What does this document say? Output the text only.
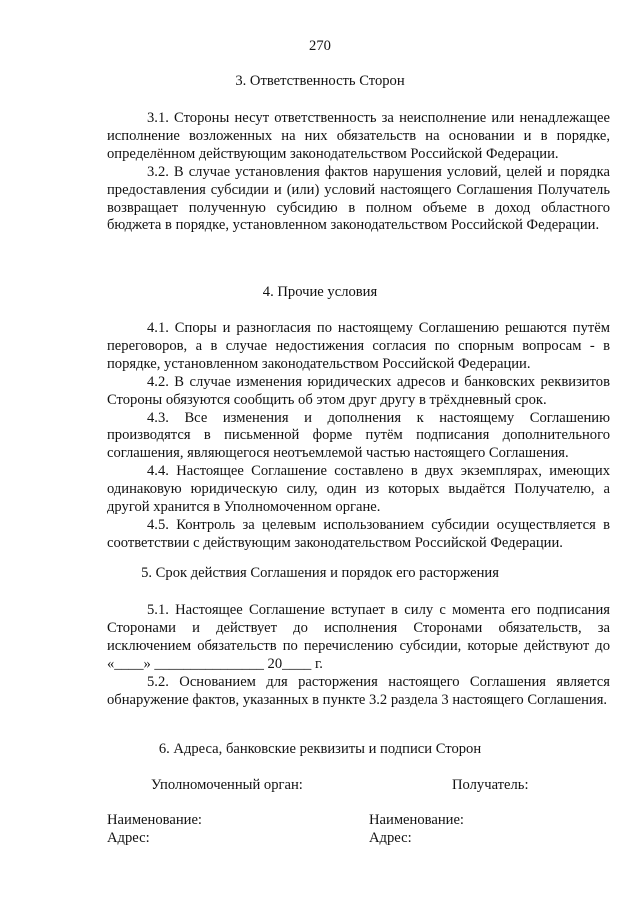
270
3. Ответственность Сторон

3.1. Стороны несут ответственность за неисполнение или ненадлежащее исполнение возложенных на них обязательств на основании и в порядке, определённом действующим законодательством Российской Федерации.

3.2. В случае установления фактов нарушения условий, целей и порядка предоставления субсидии и (или) условий настоящего Соглашения Получатель возвращает полученную субсидию в полном объеме в доход областного бюджета в порядке, установленном законодательством Российской Федерации.

4. Прочие условия

4.1. Споры и разногласия по настоящему Соглашению решаются путём переговоров, а в случае недостижения согласия по спорным вопросам - в порядке, установленном законодательством Российской Федерации.

4.2. В случае изменения юридических адресов и банковских реквизитов Стороны обязуются сообщить об этом друг другу в трёхдневный срок.

4.3. Все изменения и дополнения к настоящему Соглашению производятся в письменной форме путём подписания дополнительного соглашения, являющегося неотъемлемой частью настоящего Соглашения.

4.4. Настоящее Соглашение составлено в двух экземплярах, имеющих одинаковую юридическую силу, один из которых выдаётся Получателю, а другой хранится в Уполномоченном органе.

4.5. Контроль за целевым использованием субсидии осуществляется в соответствии с действующим законодательством Российской Федерации.

5. Срок действия Соглашения и порядок его расторжения

5.1. Настоящее Соглашение вступает в силу с момента его подписания Сторонами и действует до исполнения Сторонами обязательств, за исключением обязательств по перечислению субсидии, которые действуют до «____» _______________ 20____ г.

5.2. Основанием для расторжения настоящего Соглашения является обнаружение фактов, указанных в пункте 3.2 раздела 3 настоящего Соглашения.

6. Адреса, банковские реквизиты и подписи Сторон
Уполномоченный орган:	Получатель:
Наименование:
Адрес:
Наименование:
Адрес:
